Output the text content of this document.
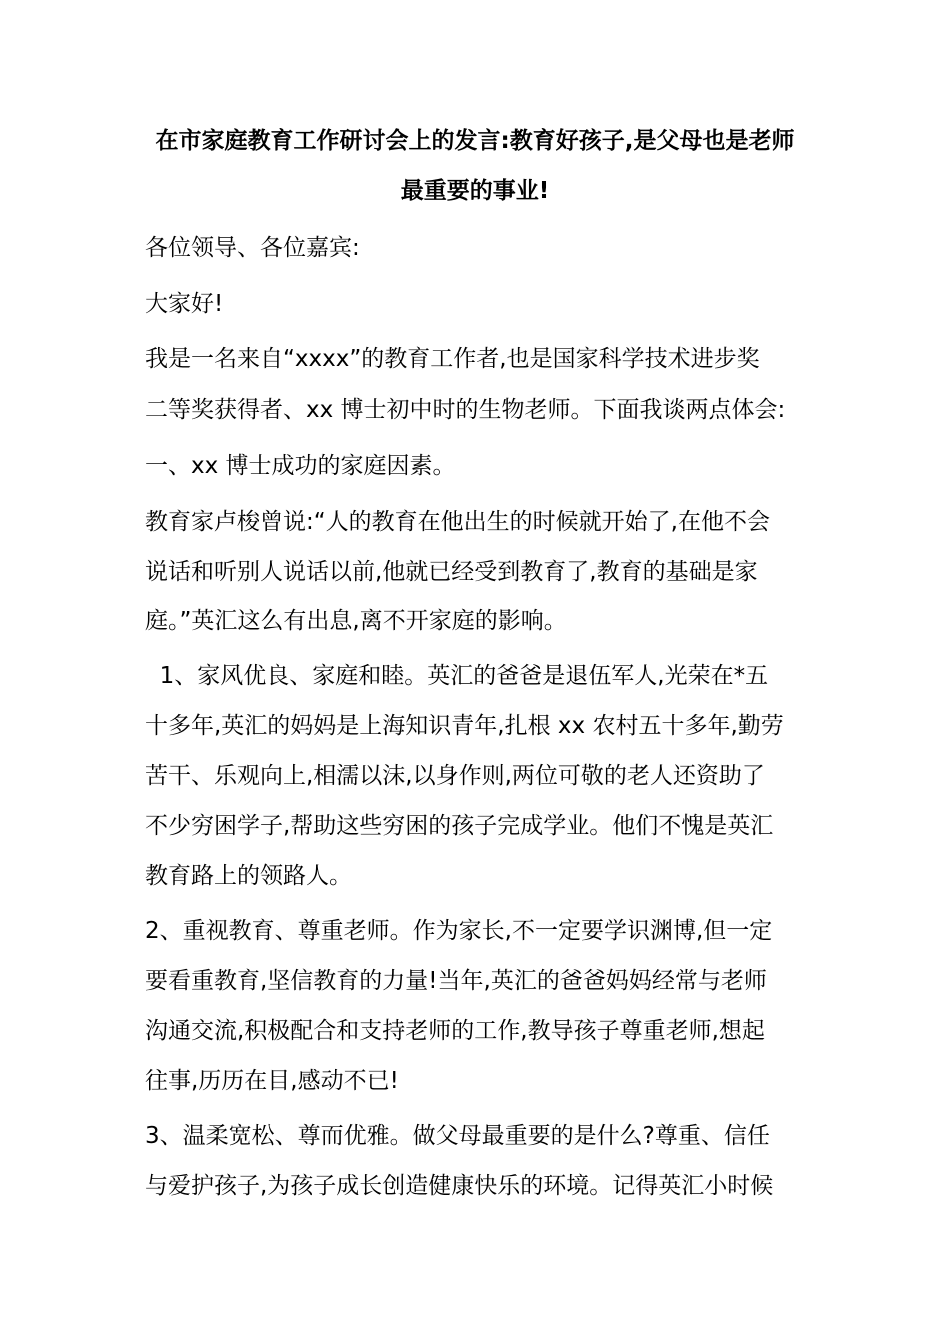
在市家庭教育工作研讨会上的发言:教育好孩子,是父母也是老师
最重要的事业!
各位领导、各位嘉宾:
大家好!
我是一名来自“xxxx”的教育工作者,也是国家科学技术进步奖
二等奖获得者、xx 博士初中时的生物老师。下面我谈两点体会:
一、xx 博士成功的家庭因素。
教育家卢梭曾说:“人的教育在他出生的时候就开始了,在他不会
说话和听别人说话以前,他就已经受到教育了,教育的基础是家
庭。”英汇这么有出息,离不开家庭的影响。
1、家风优良、家庭和睦。英汇的爸爸是退伍军人,光荣在*五
十多年,英汇的妈妈是上海知识青年,扎根 xx 农村五十多年,勤劳
苦干、乐观向上,相濡以沫,以身作则,两位可敬的老人还资助了
不少穷困学子,帮助这些穷困的孩子完成学业。他们不愧是英汇
教育路上的领路人。
2、重视教育、尊重老师。作为家长,不一定要学识渊博,但一定
要看重教育,坚信教育的力量!当年,英汇的爸爸妈妈经常与老师
沟通交流,积极配合和支持老师的工作,教导孩子尊重老师,想起
往事,历历在目,感动不已!
3、温柔宽松、尊而优雅。做父母最重要的是什么?尊重、信任
与爱护孩子,为孩子成长创造健康快乐的环境。记得英汇小时候
